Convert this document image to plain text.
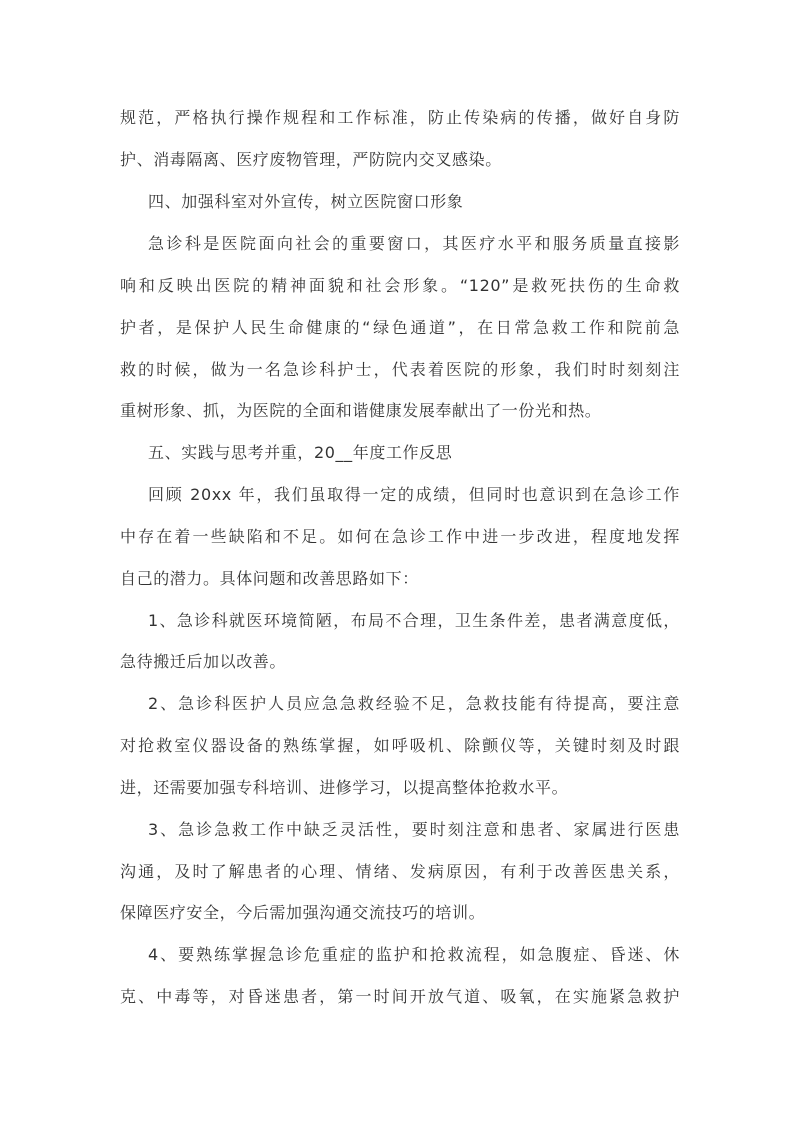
规范，严格执行操作规程和工作标准，防止传染病的传播，做好自身防
护、消毒隔离、医疗废物管理，严防院内交叉感染。
四、加强科室对外宣传，树立医院窗口形象
急诊科是医院面向社会的重要窗口，其医疗水平和服务质量直接影
响和反映出医院的精神面貌和社会形象。“120”是救死扶伤的生命救
护者，是保护人民生命健康的“绿色通道”，在日常急救工作和院前急
救的时候，做为一名急诊科护士，代表着医院的形象，我们时时刻刻注
重树形象、抓，为医院的全面和谐健康发展奉献出了一份光和热。
五、实践与思考并重，20__年度工作反思
回顾 20xx 年，我们虽取得一定的成绩，但同时也意识到在急诊工作
中存在着一些缺陷和不足。如何在急诊工作中进一步改进，程度地发挥
自己的潜力。具体问题和改善思路如下：
1、急诊科就医环境简陋，布局不合理，卫生条件差，患者满意度低，
急待搬迁后加以改善。
2、急诊科医护人员应急急救经验不足，急救技能有待提高，要注意
对抢救室仪器设备的熟练掌握，如呼吸机、除颤仪等，关键时刻及时跟
进，还需要加强专科培训、进修学习，以提高整体抢救水平。
3、急诊急救工作中缺乏灵活性，要时刻注意和患者、家属进行医患
沟通，及时了解患者的心理、情绪、发病原因，有利于改善医患关系，
保障医疗安全，今后需加强沟通交流技巧的培训。
4、要熟练掌握急诊危重症的监护和抢救流程，如急腹症、昏迷、休
克、中毒等，对昏迷患者，第一时间开放气道、吸氧，在实施紧急救护
